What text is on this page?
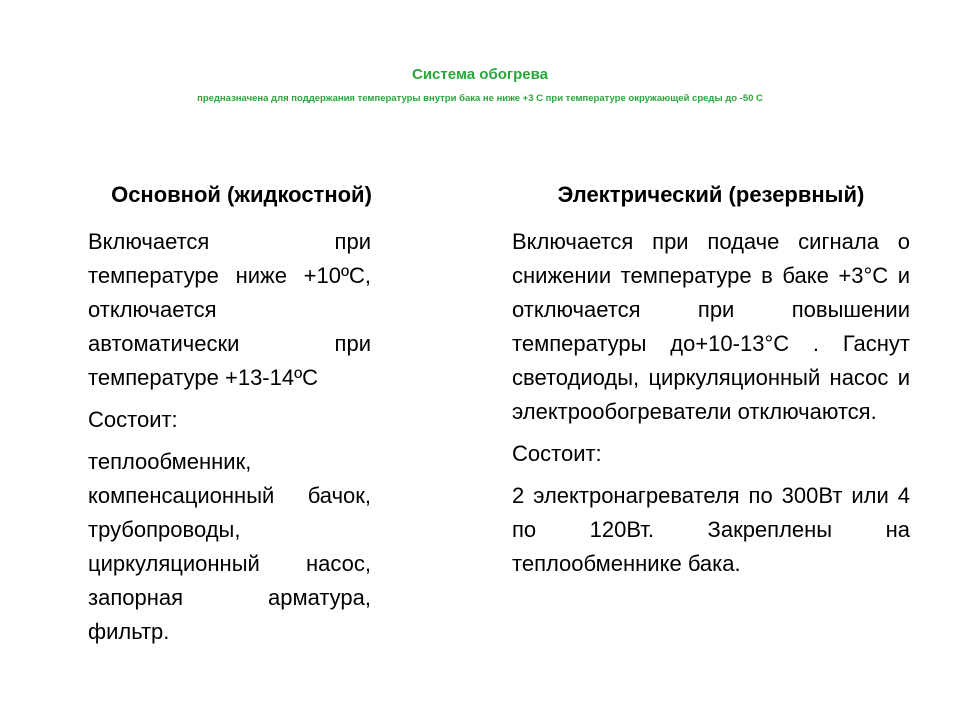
Система обогрева
предназначена для поддержания температуры внутри бака не ниже +3 С при температуре окружающей среды до -50 С
Основной (жидкостной)

Включается при температуре ниже +10ºС, отключается автоматически при температуре +13-14ºС

Состоит:

теплообменник, компенсационный бачок, трубопроводы, циркуляционный насос, запорная арматура, фильтр.

Электрический (резервный)

Включается при подаче сигнала о снижении температуре в баке +3°С и отключается при повышении температуры до+10-13°С . Гаснут светодиоды, циркуляционный насос и электрообогреватели отключаются.

Состоит:

2 электронагревателя по 300Вт или 4 по 120Вт. Закреплены на теплообменнике бака.
